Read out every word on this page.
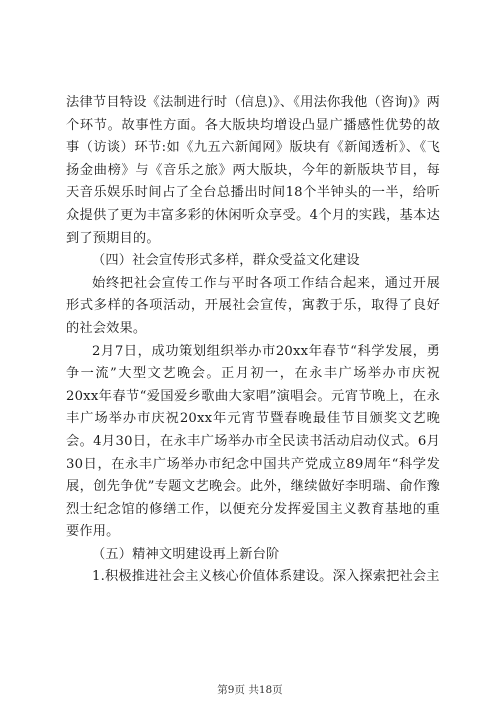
法律节目特设《法制进行时（信息)》、《用法你我他（咨询)》两个环节。故事性方面。各大版块均增设凸显广播感性优势的故事（访谈）环节:如《九五六新闻网》版块有《新闻透析》、《飞扬金曲榜》与《音乐之旅》两大版块，今年的新版块节目，每天音乐娱乐时间占了全台总播出时间18个半钟头的一半，给听众提供了更为丰富多彩的休闲听众享受。4个月的实践，基本达到了预期目的。

（四）社会宣传形式多样，群众受益文化建设

始终把社会宣传工作与平时各项工作结合起来，通过开展形式多样的各项活动，开展社会宣传，寓教于乐，取得了良好的社会效果。

2月7日，成功策划组织举办市20xx年春节“科学发展，勇争一流”大型文艺晚会。正月初一，在永丰广场举办市庆祝20xx年春节“爱国爱乡歌曲大家唱”演唱会。元宵节晚上，在永丰广场举办市庆祝20xx年元宵节暨春晚最佳节目颁奖文艺晚会。4月30日，在永丰广场举办市全民读书活动启动仪式。6月30日，在永丰广场举办市纪念中国共产党成立89周年“科学发展，创先争优”专题文艺晚会。此外，继续做好李明瑞、俞作豫烈士纪念馆的修缮工作，以便充分发挥爱国主义教育基地的重要作用。

（五）精神文明建设再上新台阶

1.积极推进社会主义核心价值体系建设。深入探索把社会主

第9页 共18页
